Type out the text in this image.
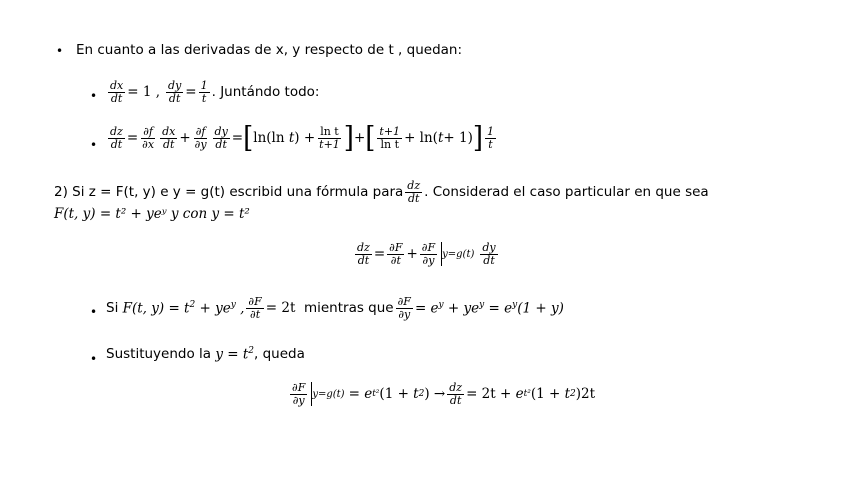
• En cuanto a las derivadas de x, y respecto de t , quedan:
• $\frac{dx}{dt} = 1$ , $\frac{dy}{dt} = \frac{1}{t}$ . Juntándo todo:
• $\frac{dz}{dt} = \frac{\partial f}{\partial x} \frac{dx}{dt} + \frac{\partial f}{\partial y} \frac{dy}{dt}$ = [ ln(ln t ) + $\frac{\text{ln t}}{t+1}$ ] + [ $\frac{t+1}{\text{ln t}} + \ln$( t + 1) ] $\frac{1}{t}$
2) Si z = F(t, y) e y = g(t) escribid una fórmula para $\frac{dz}{dt}$ . Considerad el caso particular en que sea
F(t, y) = t² + yeʸ y con y = t²
$\frac{dz}{dt} = \frac{\partial F}{\partial t} + \frac{\partial F}{\partial y} y=g(t) \frac{dy}{dt}$
• Si
F(t, $y) = t^2 + ye^y$ , $\frac{\partial F}{\partial t} = 2t$
mientras que $\frac{\partial F}{\partial y} = e^y + ye^y = e^y(1 + y)$
• Sustituyendo la
$y = t^2$ , queda
$\frac{\partial F}{\partial y} y=g(t) = e$ t² (1 + t 2 ) → $\frac{dz}{dt} = 2t + e$ t² (1 + t 2 )2t
